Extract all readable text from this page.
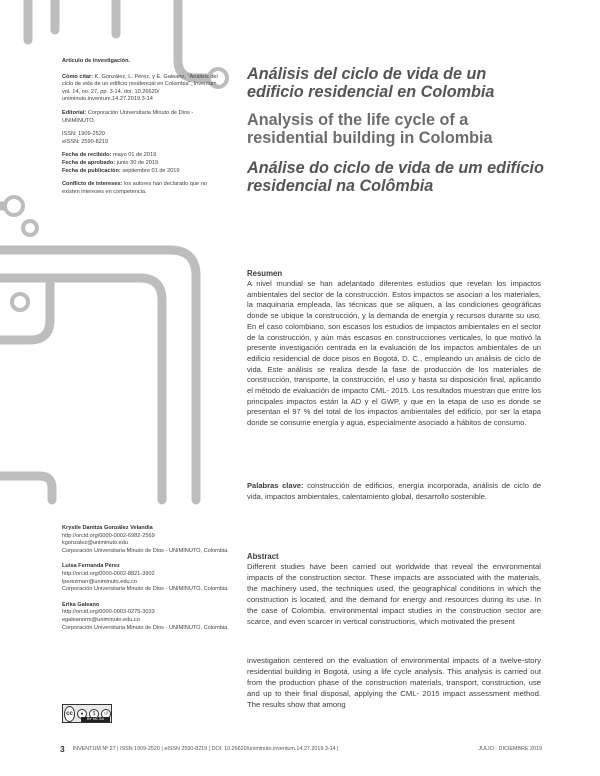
Artículo de investigación.

Cómo citar: K. González, L. Pérez, y E. Galeano, “Análisis del ciclo de vida de un edificio residencial en Colombia”, Inventum, vol. 14, no. 27, pp. 3-14. doi: 10.26620/ uniminuto.inventum.14.27.2019.3-14

Editorial: Corporación Universitaria Minuto de Dios - UNIMINUTO.

ISSN: 1909-2520

eISSN: 2590-8219

Fecha de recibido: mayo 01 de 2019

Fecha de aprobado: junio 30 de 2019

Fecha de publicación: septiembre 01 de 2019

Conflicto de intereses: los autores han declarado que no existen intereses en competencia.

Krystle Danitza González Velandia

http://orcid.org/0000-0002-6982-2569

kgonzalez@uniminuto.edu

Corporación Universitaria Minuto de Dios - UNIMINUTO, Colombia.

Luisa Fernanda Pérez

http://orcid.org/0000-0002-8821-3902

lperezmarr@uniminuto.edu.co

Corporación Universitaria Minuto de Dios - UNIMINUTO, Colombia.

Erika Galeano

http://orcid.org/0000-0003-0275-3033

egaleanorm@uniminuto.edu.co

Corporación Universitaria Minuto de Dios - UNIMINUTO, Colombia.

cc	●	$	↺
BY NC SA
Análisis del ciclo de vida de un edificio residencial en Colombia
Analysis of the life cycle of a residential building in Colombia
Análise do ciclo de vida de um edifício residencial na Colômbia
Resumen

A nivel mundial se han adelantado diferentes estudios que revelan los impactos ambientales del sector de la construcción. Estos impactos se asocian a los materiales, la maquinaria empleada, las técnicas que se aliquen, a las condiciones geográficas donde se ubique la construcción, y la demanda de energía y recursos durante su uso. En el caso colombiano, son escasos los estudios de impactos ambientales en el sector de la construcción, y aún más escasos en construcciones verticales, lo que motivó la presente investigación centrada en la evaluación de los impactos ambientales de un edificio residencial de doce pisos en Bogotá, D. C., empleando un análisis de ciclo de vida. Este análisis se realiza desde la fase de producción de los materiales de construcción, transporte, la construcción, el uso y hasta su disposición final, aplicando el método de evaluación de impacto CML- 2015. Los resultados muestran que entre los principales impactos están la AD y el GWP, y que en la etapa de uso es donde se presentan el 97 % del total de los impactos ambientales del edificio, por ser la etapa donde se consume energía y agua, especialmente asociado a hábitos de consumo.

Palabras clave: construcción de edificios, energía incorporada, análisis de ciclo de vida, impactos ambientales, calentamiento global, desarrollo sostenible.

Abstract

Different studies have been carried out worldwide that reveal the environmental impacts of the construction sector. These impacts are associated with the materials, the machinery used, the techniques used, the geographical conditions in which the construction is located, and the demand for energy and resources during its use. In the case of Colombia, environmental impact studies in the construction sector are scarce, and even scarcer in vertical constructions, which motivated the present

investigation centered on the evaluation of environmental impacts of a twelve-story residential building in Bogotá, using a life cycle analysis. This analysis is carried out from the production phase of the construction materials, transport, construction, use and up to their final disposal, applying the CML- 2015 impact assessment method. The results show that among

3 INVENTUM Nº 27 | ISSN 1909-2520 | eISSN 2590-8219 | DOI: 10.26620/uniminuto.inventum.14.27.2019.3-14 |	JULIO - DICIEMBRE 2019
